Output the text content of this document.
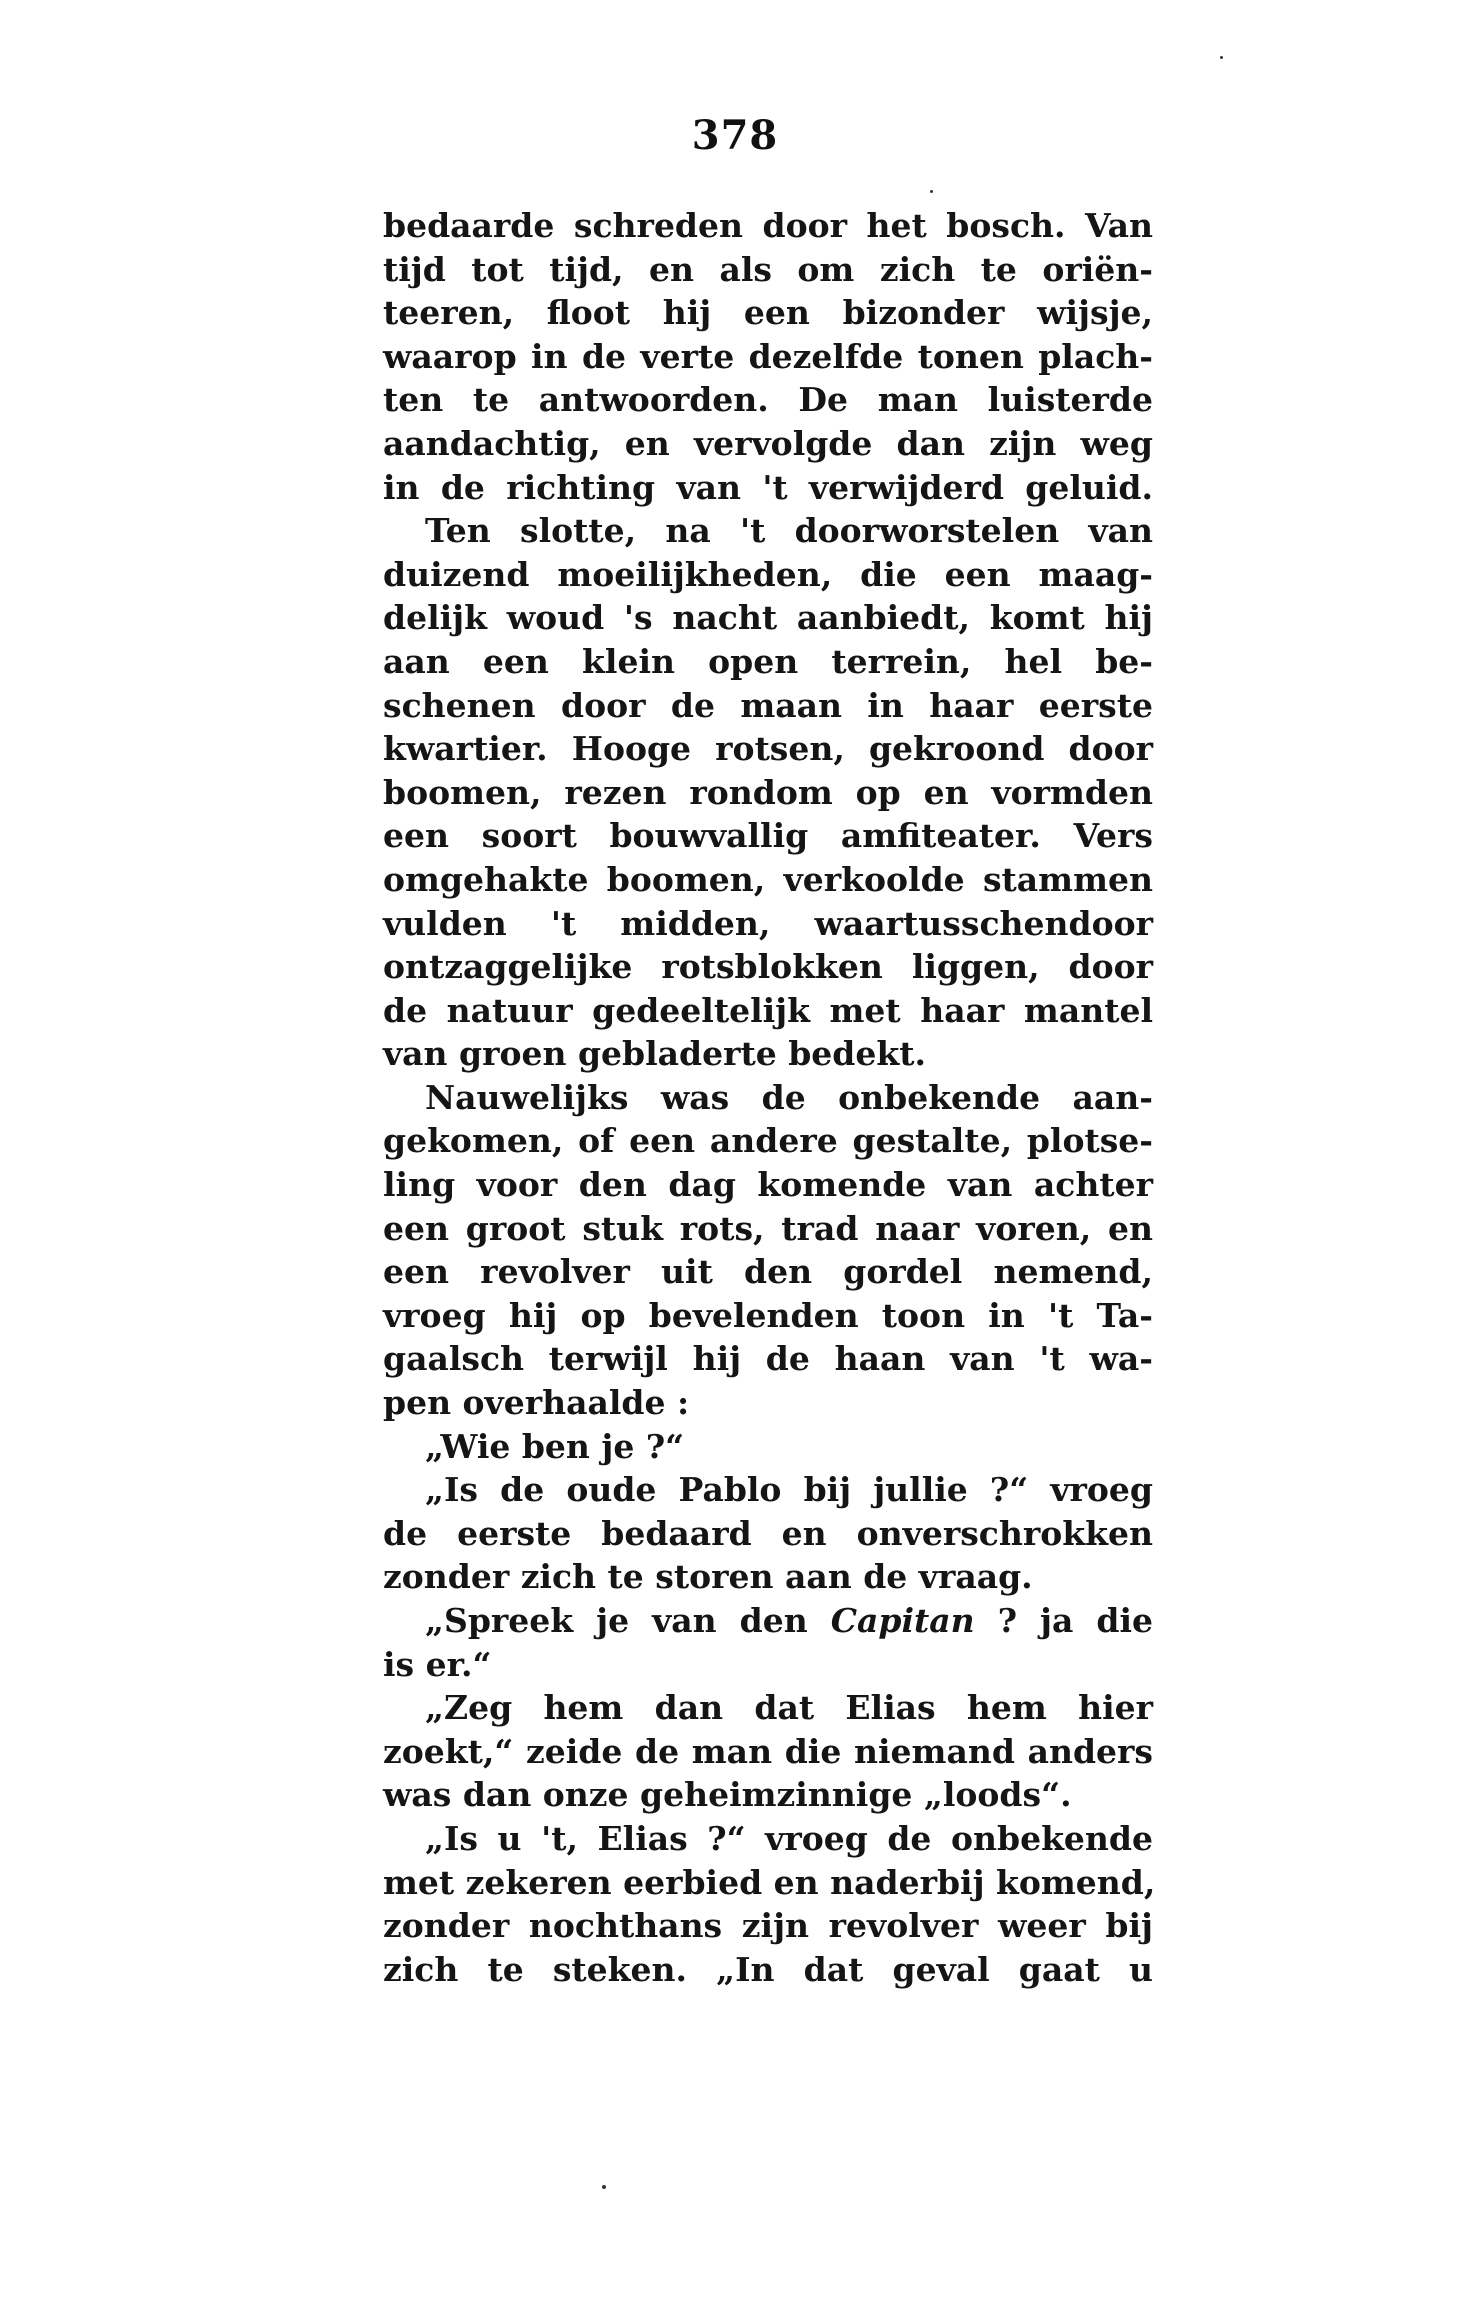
378
bedaarde schreden door het bosch. Van
tijd tot tijd, en als om zich te oriën-
teeren, floot hij een bizonder wijsje,
waarop in de verte dezelfde tonen plach-
ten te antwoorden. De man luisterde
aandachtig, en vervolgde dan zijn weg
in de richting van 't verwijderd geluid.
Ten slotte, na 't doorworstelen van
duizend moeilijkheden, die een maag-
delijk woud 's nacht aanbiedt, komt hij
aan een klein open terrein, hel be-
schenen door de maan in haar eerste
kwartier. Hooge rotsen, gekroond door
boomen, rezen rondom op en vormden
een soort bouwvallig amfiteater. Vers
omgehakte boomen, verkoolde stammen
vulden 't midden, waartusschendoor
ontzaggelijke rotsblokken liggen, door
de natuur gedeeltelijk met haar mantel
van groen gebladerte bedekt.
Nauwelijks was de onbekende aan-
gekomen, of een andere gestalte, plotse-
ling voor den dag komende van achter
een groot stuk rots, trad naar voren, en
een revolver uit den gordel nemend,
vroeg hij op bevelenden toon in 't Ta-
gaalsch terwijl hij de haan van 't wa-
pen overhaalde :
„Wie ben je ?“
„Is de oude Pablo bij jullie ?“ vroeg
de eerste bedaard en onverschrokken
zonder zich te storen aan de vraag.
„Spreek je van den Capitan ? ja die
is er.“
„Zeg hem dan dat Elias hem hier
zoekt,“ zeide de man die niemand anders
was dan onze geheimzinnige „loods“.
„Is u 't, Elias ?“ vroeg de onbekende
met zekeren eerbied en naderbij komend,
zonder nochthans zijn revolver weer bij
zich te steken. „In dat geval gaat u
